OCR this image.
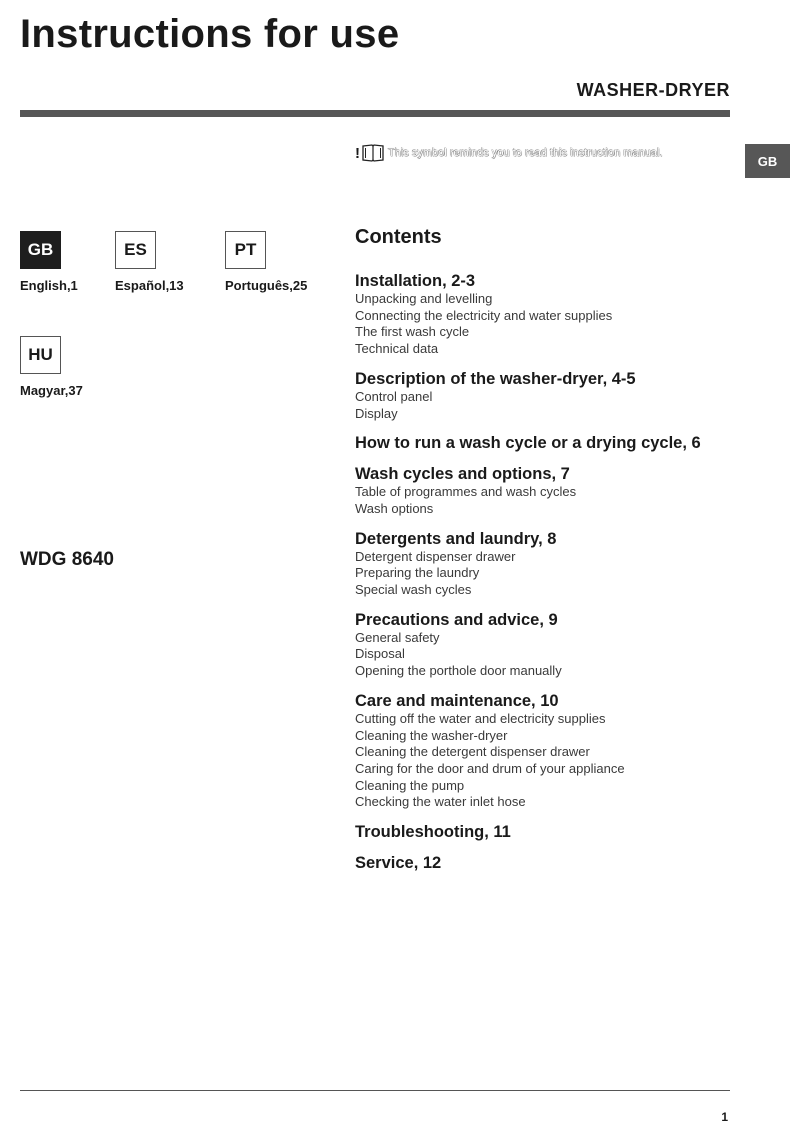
Instructions for use
WASHER-DRYER
GB
!	This symbol reminds you to read this instruction manual.
GB
English,1
ES
Español,13
PT
Português,25
HU
Magyar,37
WDG 8640
Contents
Installation, 2-3
Unpacking and levelling
Connecting the electricity and water supplies
The first wash cycle
Technical data
Description of the washer-dryer, 4-5
Control panel
Display
How to run a wash cycle or a drying cycle, 6
Wash cycles and options, 7
Table of programmes and wash cycles
Wash options
Detergents and laundry, 8
Detergent dispenser drawer
Preparing the laundry
Special wash cycles
Precautions and advice, 9
General safety
Disposal
Opening the porthole door manually
Care and maintenance, 10
Cutting off the water and electricity supplies
Cleaning the washer-dryer
Cleaning the detergent dispenser drawer
Caring for the door and drum of your appliance
Cleaning the pump
Checking the water inlet hose
Troubleshooting, 11
Service, 12
1
